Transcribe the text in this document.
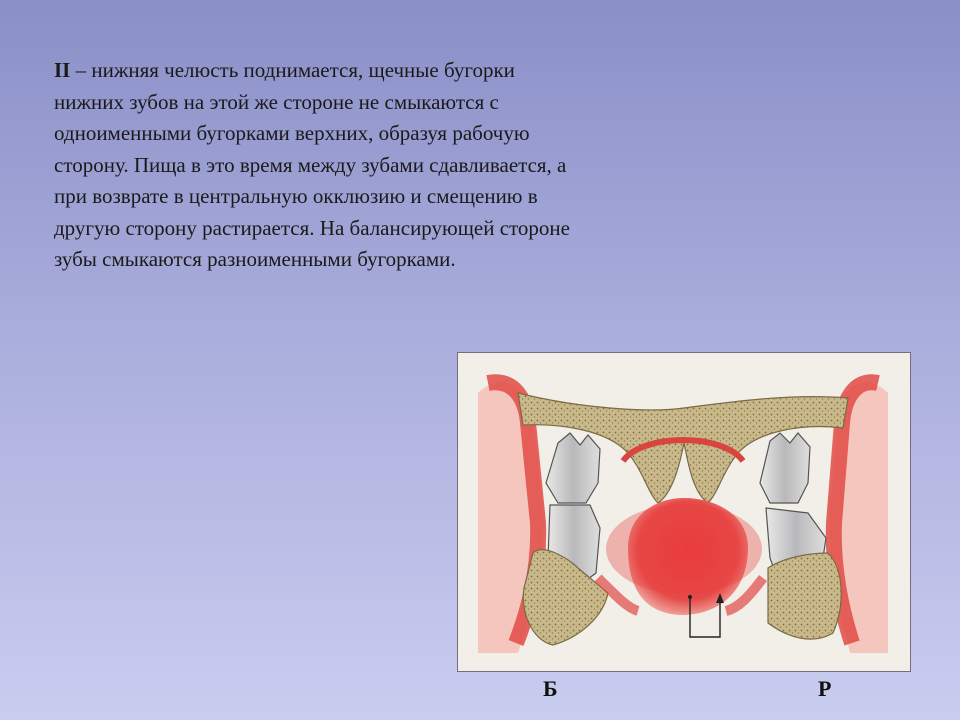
II – нижняя челюсть поднимается, щечные бугорки нижних зубов на этой же стороне не смыкаются с одноименными бугорками верхних, образуя рабочую сторону. Пища в это время между зубами сдавливается, а при возврате в центральную окклюзию и смещению в другую сторону растирается. На балансирующей стороне зубы смыкаются разноименными бугорками.
Б	Р
